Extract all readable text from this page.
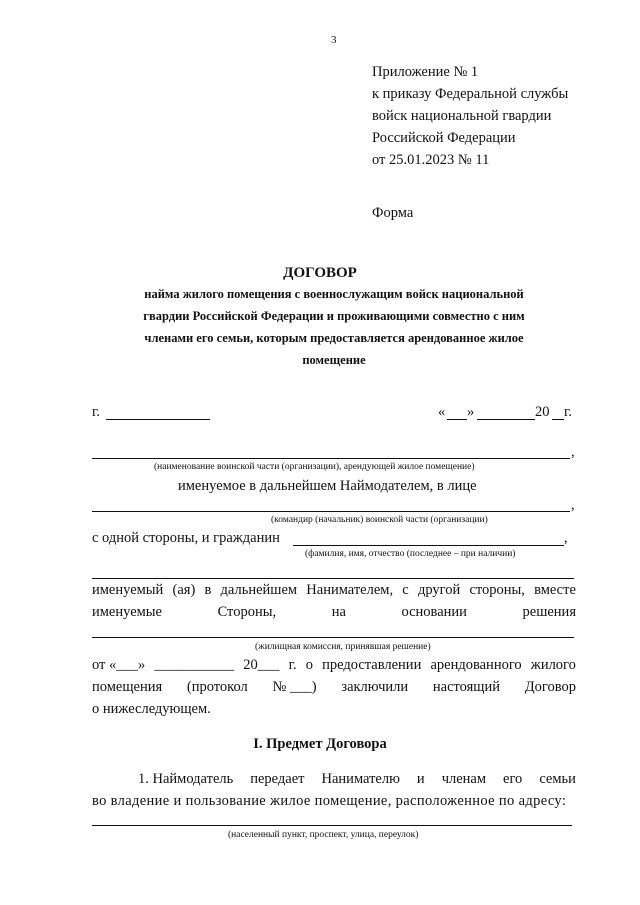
3
Приложение № 1
к приказу Федеральной службы
войск национальной гвардии
Российской Федерации
от 25.01.2023 № 11
Форма
ДОГОВОР
найма жилого помещения с военнослужащим войск национальной
гвардии Российской Федерации и проживающими совместно с ним
членами его семьи, которым предоставляется арендованное жилое
помещение
г.	« »	20 г.
,
(наименование воинской части (организации), арендующей жилое помещение)
именуемое в дальнейшем Наймодателем, в лице
,
(командир (начальник) воинской части (организации)
с одной стороны, и гражданин	,
(фамилия, имя, отчество (последнее – при наличии)
именуемый (ая) в дальнейшем Нанимателем, с другой стороны, вместе
именуемые	Стороны,	на	основании	решения
(жилищная комиссия, принявшая решение)
от «___» ___________ 20___ г. о предоставлении арендованного жилого
помещения (протокол № ___) заключили настоящий Договор
о нижеследующем.
I. Предмет Договора
1. Наймодатель передает Нанимателю и членам его семьи
во владение и пользование жилое помещение, расположенное по адресу:
(населенный пункт, проспект, улица, переулок)
